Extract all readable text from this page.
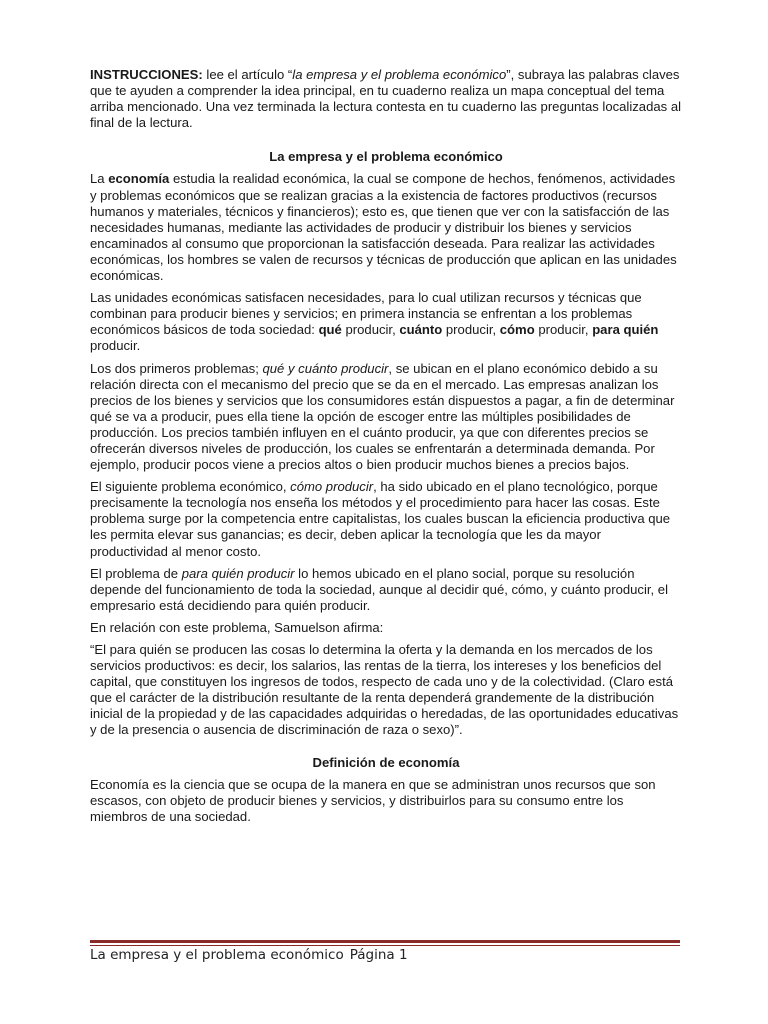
INSTRUCCIONES: lee el artículo “la empresa y el problema económico”, subraya las palabras claves que te ayuden a comprender la idea principal, en tu cuaderno realiza un mapa conceptual del tema arriba mencionado. Una vez terminada la lectura contesta en tu cuaderno las preguntas localizadas al final de la lectura.

La empresa y el problema económico

La economía estudia la realidad económica, la cual se compone de hechos, fenómenos, actividades y problemas económicos que se realizan gracias a la existencia de factores productivos (recursos humanos y materiales, técnicos y financieros); esto es, que tienen que ver con la satisfacción de las necesidades humanas, mediante las actividades de producir y distribuir los bienes y servicios encaminados al consumo que proporcionan la satisfacción deseada. Para realizar las actividades económicas, los hombres se valen de recursos y técnicas de producción que aplican en las unidades económicas.

Las unidades económicas satisfacen necesidades, para lo cual utilizan recursos y técnicas que combinan para producir bienes y servicios; en primera instancia se enfrentan a los problemas económicos básicos de toda sociedad: qué producir, cuánto producir, cómo producir, para quién producir.

Los dos primeros problemas; qué y cuánto producir, se ubican en el plano económico debido a su relación directa con el mecanismo del precio que se da en el mercado. Las empresas analizan los precios de los bienes y servicios que los consumidores están dispuestos a pagar, a fin de determinar qué se va a producir, pues ella tiene la opción de escoger entre las múltiples posibilidades de producción. Los precios también influyen en el cuánto producir, ya que con diferentes precios se ofrecerán diversos niveles de producción, los cuales se enfrentarán a determinada demanda. Por ejemplo, producir pocos viene a precios altos o bien producir muchos bienes a precios bajos.

El siguiente problema económico, cómo producir, ha sido ubicado en el plano tecnológico, porque precisamente la tecnología nos enseña los métodos y el procedimiento para hacer las cosas. Este problema surge por la competencia entre capitalistas, los cuales buscan la eficiencia productiva que les permita elevar sus ganancias; es decir, deben aplicar la tecnología que les da mayor productividad al menor costo.

El problema de para quién producir lo hemos ubicado en el plano social, porque su resolución depende del funcionamiento de toda la sociedad, aunque al decidir qué, cómo, y cuánto producir, el empresario está decidiendo para quién producir.

En relación con este problema, Samuelson afirma:

“El para quién se producen las cosas lo determina la oferta y la demanda en los mercados de los servicios productivos: es decir, los salarios, las rentas de la tierra, los intereses y los beneficios del capital, que constituyen los ingresos de todos, respecto de cada uno y de la colectividad. (Claro está que el carácter de la distribución resultante de la renta dependerá grandemente de la distribución inicial de la propiedad y de las capacidades adquiridas o heredadas, de las oportunidades educativas y de la presencia o ausencia de discriminación de raza o sexo)”.

Definición de economía

Economía es la ciencia que se ocupa de la manera en que se administran unos recursos que son escasos, con objeto de producir bienes y servicios, y distribuirlos para su consumo entre los miembros de una sociedad.

La empresa y el problema económico Página 1
